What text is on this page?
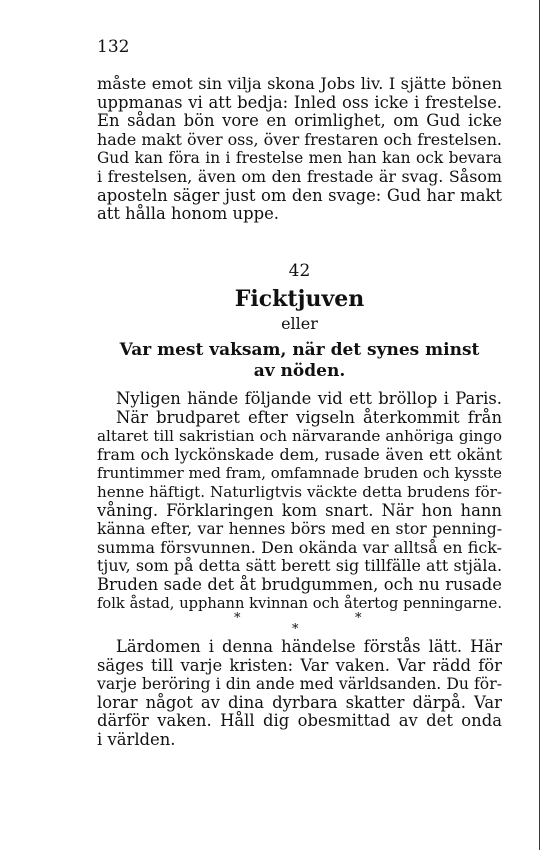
132
måste emot sin vilja skona Jobs liv. I sjätte bönen
uppmanas vi att bedja: Inled oss icke i frestelse.
En sådan bön vore en orimlighet, om Gud icke
hade makt över oss, över frestaren och frestelsen.
Gud kan föra in i frestelse men han kan ock bevara
i frestelsen, även om den frestade är svag. Såsom
aposteln säger just om den svage: Gud har makt
att hålla honom uppe.
42
Ficktjuven
eller
Var mest vaksam, när det synes minst
av nöden.
Nyligen hände följande vid ett bröllop i Paris.
När brudparet efter vigseln återkommit från
altaret till sakristian och närvarande anhöriga gingo
fram och lyckönskade dem, rusade även ett okänt
fruntimmer med fram, omfamnade bruden och kysste
henne häftigt. Naturligtvis väckte detta brudens för-
våning. Förklaringen kom snart. När hon hann
känna efter, var hennes börs med en stor penning-
summa försvunnen. Den okända var alltså en fick-
tjuv, som på detta sätt berett sig tillfälle att stjäla.
Bruden sade det åt brudgummen, och nu rusade
folk åstad, upphann kvinnan och återtog penningarne.
*	*
*
Lärdomen i denna händelse förstås lätt. Här
säges till varje kristen: Var vaken. Var rädd för
varje beröring i din ande med världsanden. Du för-
lorar något av dina dyrbara skatter därpå. Var
därför vaken. Håll dig obesmittad av det onda
i världen.
